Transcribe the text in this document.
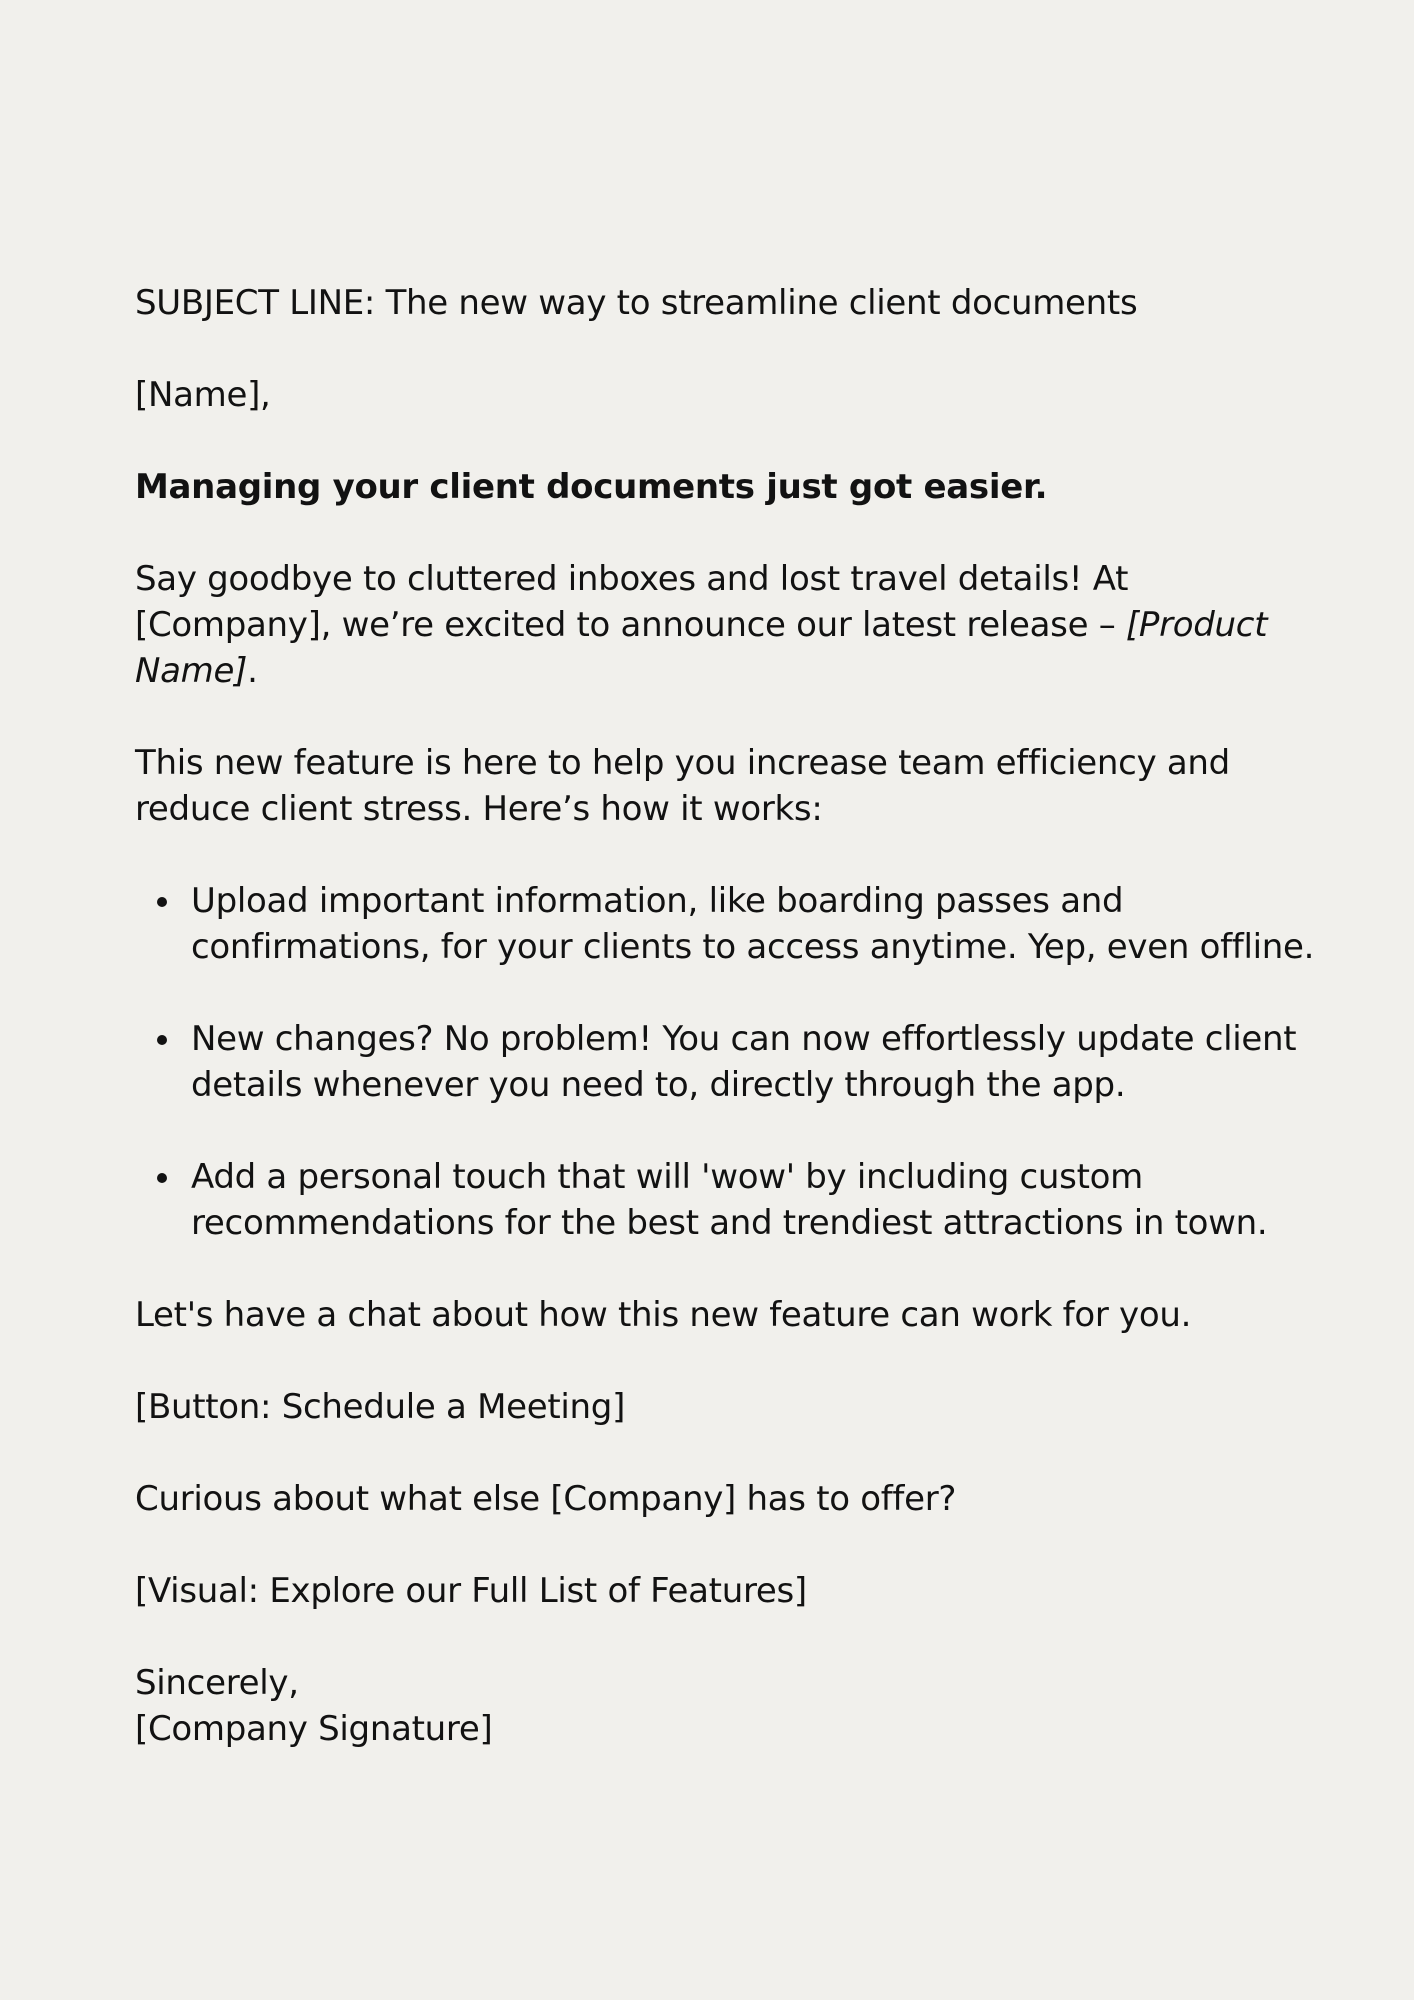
SUBJECT LINE: The new way to streamline client documents

[Name],

Managing your client documents just got easier.

Say goodbye to cluttered inboxes and lost travel details! At [Company], we’re excited to announce our latest release – [Product Name].

This new feature is here to help you increase team efficiency and reduce client stress. Here’s how it works:

Upload important information, like boarding passes and confirmations, for your clients to access anytime. Yep, even offline.
New changes? No problem! You can now effortlessly update client details whenever you need to, directly through the app.
Add a personal touch that will 'wow' by including custom recommendations for the best and trendiest attractions in town.

Let's have a chat about how this new feature can work for you.

[Button: Schedule a Meeting]

Curious about what else [Company] has to offer?

[Visual: Explore our Full List of Features]

Sincerely,
[Company Signature]
